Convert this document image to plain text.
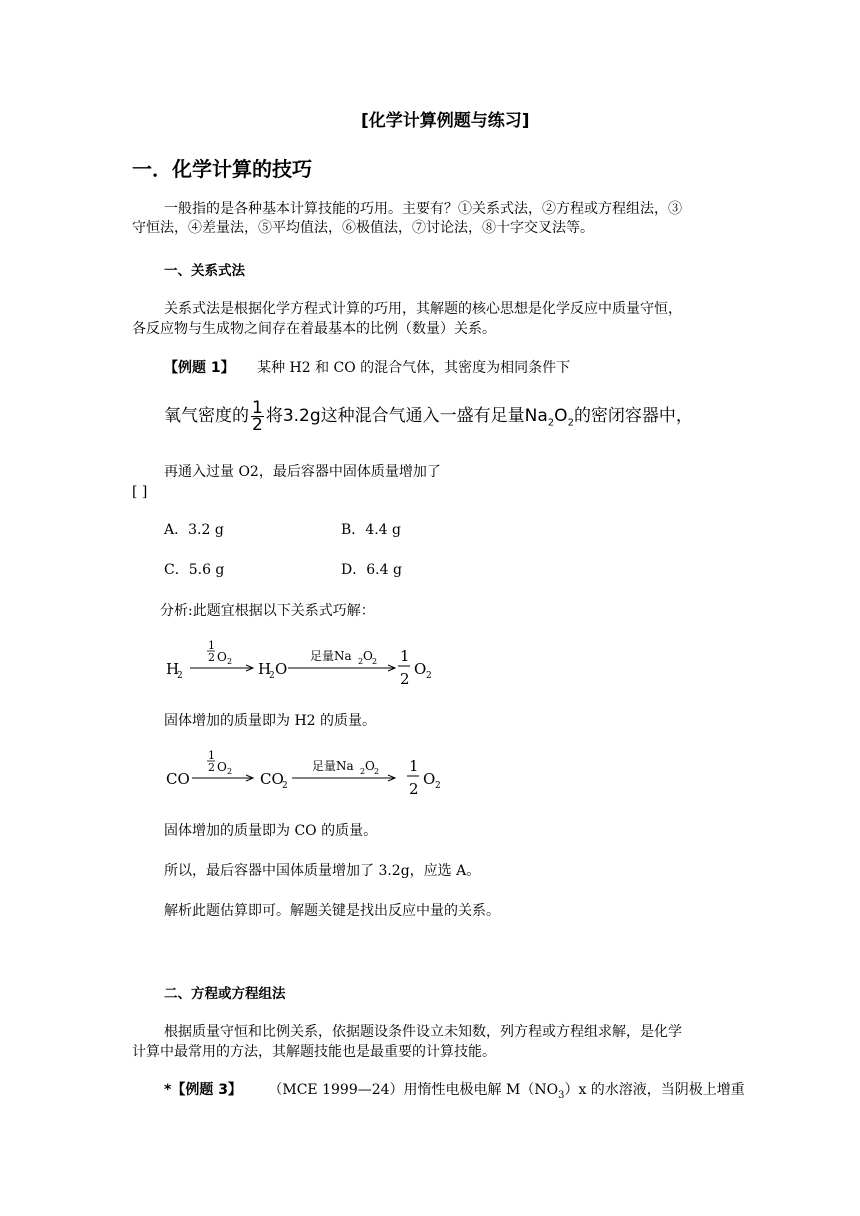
[化学计算例题与练习]
一．化学计算的技巧
一般指的是各种基本计算技能的巧用。主要有？①关系式法，②方程或方程组法，③
守恒法，④差量法，⑤平均值法，⑥极值法，⑦讨论法，⑧十字交叉法等。
一、关系式法
关系式法是根据化学方程式计算的巧用，其解题的核心思想是化学反应中质量守恒，
各反应物与生成物之间存在着最基本的比例（数量）关系。
【例题 1】 某种 H2 和 CO 的混合气体，其密度为相同条件下
氧气密度的 $\frac{1}{2}$ 将3.2g这种混合气通入一盛有足量$Na_2O_2$的密闭容器中，
再通入过量 O2，最后容器中固体质量增加了
[ ]
A．3.2 g	B．4.4 g
C．5.6 g	D．6.4 g
分析:此题宜根据以下关系式巧解：
H
2
1
2 O 2 H
2 O
足量Na 2 O 2 1
2
O 2
固体增加的质量即为 H2 的质量。
CO
1
2 O 2 CO
2
足量Na 2 O 2 1
2
O 2
固体增加的质量即为 CO 的质量。
所以，最后容器中国体质量增加了 3.2g，应选 A。
解析此题估算即可。解题关键是找出反应中量的关系。
二、方程或方程组法
根据质量守恒和比例关系，依据题设条件设立未知数，列方程或方程组求解，是化学
计算中最常用的方法，其解题技能也是最重要的计算技能。
*【例题 3】 （MCE 1999—24）用惰性电极电解 $M(NO_3)x$ 的水溶液，当阴极上增重
